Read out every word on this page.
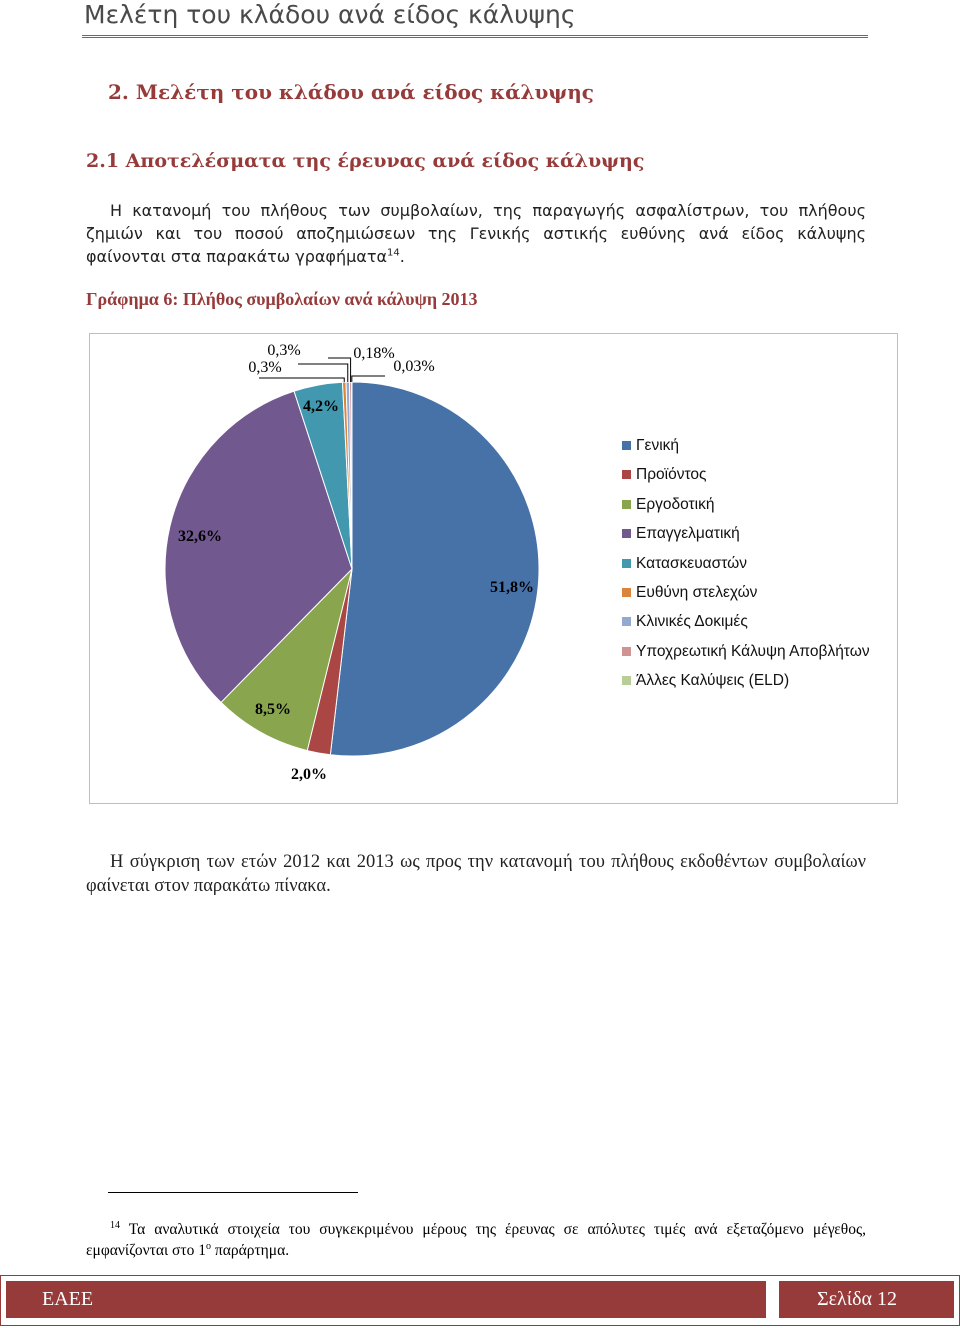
Μελέτη του κλάδου ανά είδος κάλυψης
2. Μελέτη του κλάδου ανά είδος κάλυψης
2.1 Αποτελέσματα της έρευνας ανά είδος κάλυψης
Η κατανομή του πλήθους των συμβολαίων, της παραγωγής ασφαλίστρων, του πλήθους ζημιών και του ποσού αποζημιώσεων της Γενικής αστικής ευθύνης ανά είδος κάλυψης φαίνονται στα παρακάτω γραφήματα$^{14}$.
Γράφημα 6: Πλήθος συμβολαίων ανά κάλυψη 2013
51,8%
2,0%
8,5%
32,6%
4,2%
0,3%
0,3%	0,18%
0,03%
Γενική
Προϊόντος
Εργοδοτική
Επαγγελματική
Κατασκευαστών
Ευθύνη στελεχών
Κλινικές Δοκιμές
Υποχρεωτική Κάλυψη Αποβλήτων
Άλλες Καλύψεις (ELD)
Η σύγκριση των ετών 2012 και 2013 ως προς την κατανομή του πλήθους εκδοθέντων συμβολαίων φαίνεται στον παρακάτω πίνακα.
$^{14}$ Τα αναλυτικά στοιχεία του συγκεκριμένου μέρους της έρευνας σε απόλυτες τιμές ανά εξεταζόμενο μέγεθος, εμφανίζονται στο $1^o$ παράρτημα.
ΕΑΕΕ	Σελίδα 12
